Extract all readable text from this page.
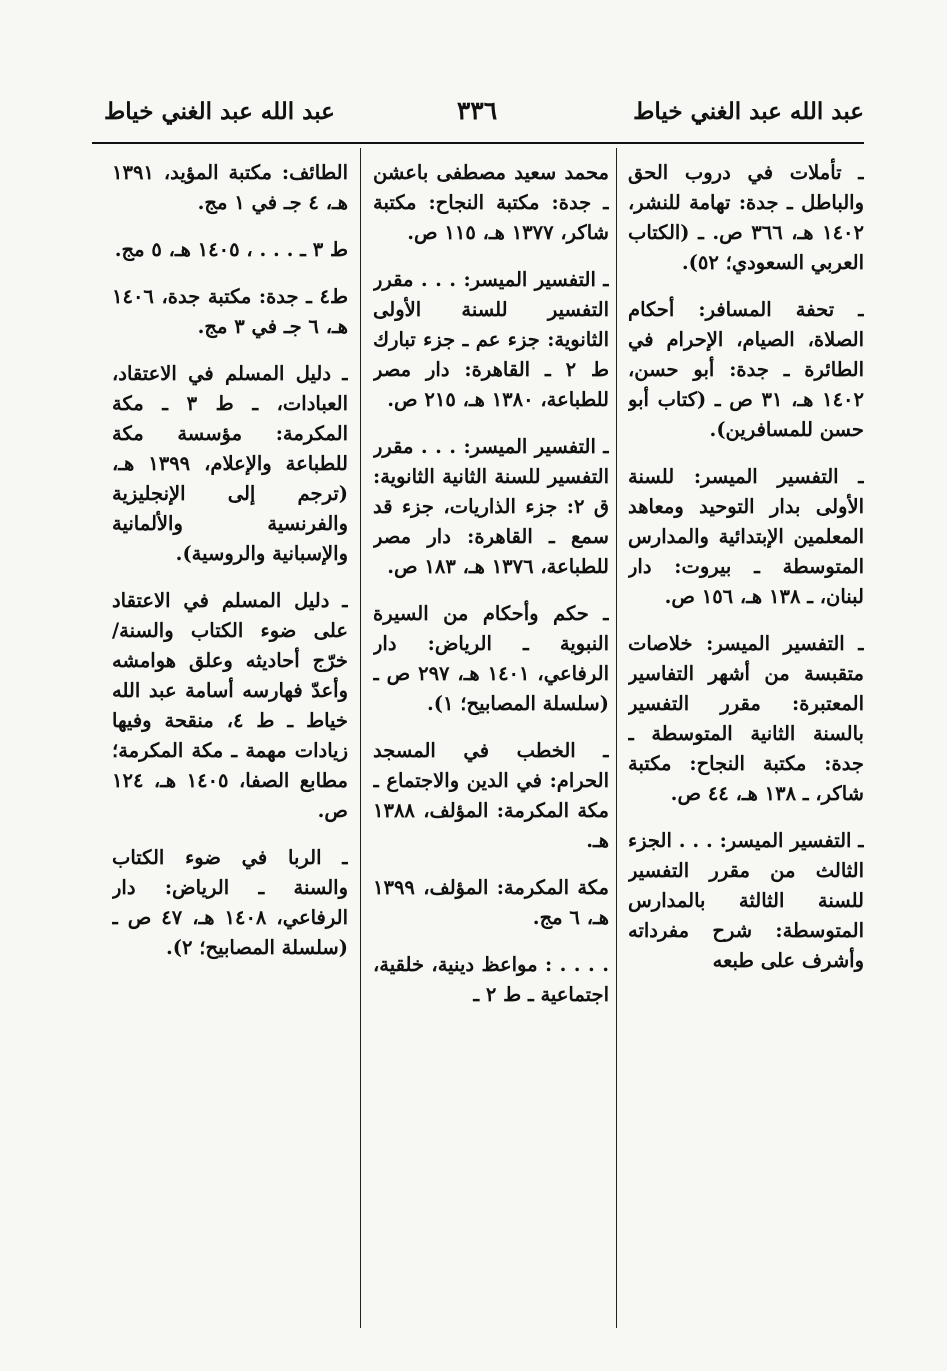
عبد الله عبد الغني خياط
٣٣٦
عبد الله عبد الغني خياط

ـ تأملات في دروب الحق والباطل ـ جدة: تهامة للنشر، ١٤٠٢ هـ، ٣٦٦ ص. ـ (الكتاب العربي السعودي؛ ٥٢).

ـ تحفة المسافر: أحكام الصلاة، الصيام، الإحرام في الطائرة ـ جدة: أبو حسن، ١٤٠٢ هـ، ٣١ ص ـ (كتاب أبو حسن للمسافرين).

ـ التفسير الميسر: للسنة الأولى بدار التوحيد ومعاهد المعلمين الإبتدائية والمدارس المتوسطة ـ بيروت: دار لبنان، ـ ١٣٨ هـ، ١٥٦ ص.

ـ التفسير الميسر: خلاصات متقبسة من أشهر التفاسير المعتبرة: مقرر التفسير بالسنة الثانية المتوسطة ـ جدة: مكتبة النجاح: مكتبة شاكر، ـ ١٣٨ هـ، ٤٤ ص.

ـ التفسير الميسر: . . . الجزء الثالث من مقرر التفسير للسنة الثالثة بالمدارس المتوسطة: شرح مفرداته وأشرف على طبعه

محمد سعيد مصطفى باعشن ـ جدة: مكتبة النجاح: مكتبة شاكر، ١٣٧٧ هـ، ١١٥ ص.

ـ التفسير الميسر: . . . مقرر التفسير للسنة الأولى الثانوية: جزء عم ـ جزء تبارك ط ٢ ـ القاهرة: دار مصر للطباعة، ١٣٨٠ هـ، ٢١٥ ص.

ـ التفسير الميسر: . . . مقرر التفسير للسنة الثانية الثانوية: ق ٢: جزء الذاريات، جزء قد سمع ـ القاهرة: دار مصر للطباعة، ١٣٧٦ هـ، ١٨٣ ص.

ـ حكم وأحكام من السيرة النبوية ـ الرياض: دار الرفاعي، ١٤٠١ هـ، ٢٩٧ ص ـ (سلسلة المصابيح؛ ١).

ـ الخطب في المسجد الحرام: في الدين والاجتماع ـ مكة المكرمة: المؤلف، ١٣٨٨ هـ.

مكة المكرمة: المؤلف، ١٣٩٩ هـ، ٦ مج.

. . . . : مواعظ دينية، خلقية، اجتماعية ـ ط ٢ ـ

الطائف: مكتبة المؤيد، ١٣٩١ هـ، ٤ جـ في ١ مج.

ط ٣ ـ . . . ، ١٤٠٥ هـ، ٥ مج.

ط٤ ـ جدة: مكتبة جدة، ١٤٠٦ هـ، ٦ جـ في ٣ مج.

ـ دليل المسلم في الاعتقاد، العبادات، ـ ط ٣ ـ مكة المكرمة: مؤسسة مكة للطباعة والإعلام، ١٣٩٩ هـ، (ترجم إلى الإنجليزية والفرنسية والألمانية والإسبانية والروسية).

ـ دليل المسلم في الاعتقاد على ضوء الكتاب والسنة/ خرّج أحاديثه وعلق هوامشه وأعدّ فهارسه أسامة عبد الله خياط ـ ط ٤، منقحة وفيها زيادات مهمة ـ مكة المكرمة؛ مطابع الصفا، ١٤٠٥ هـ، ١٢٤ ص.

ـ الربا في ضوء الكتاب والسنة ـ الرياض: دار الرفاعي، ١٤٠٨ هـ، ٤٧ ص ـ (سلسلة المصابيح؛ ٢).
